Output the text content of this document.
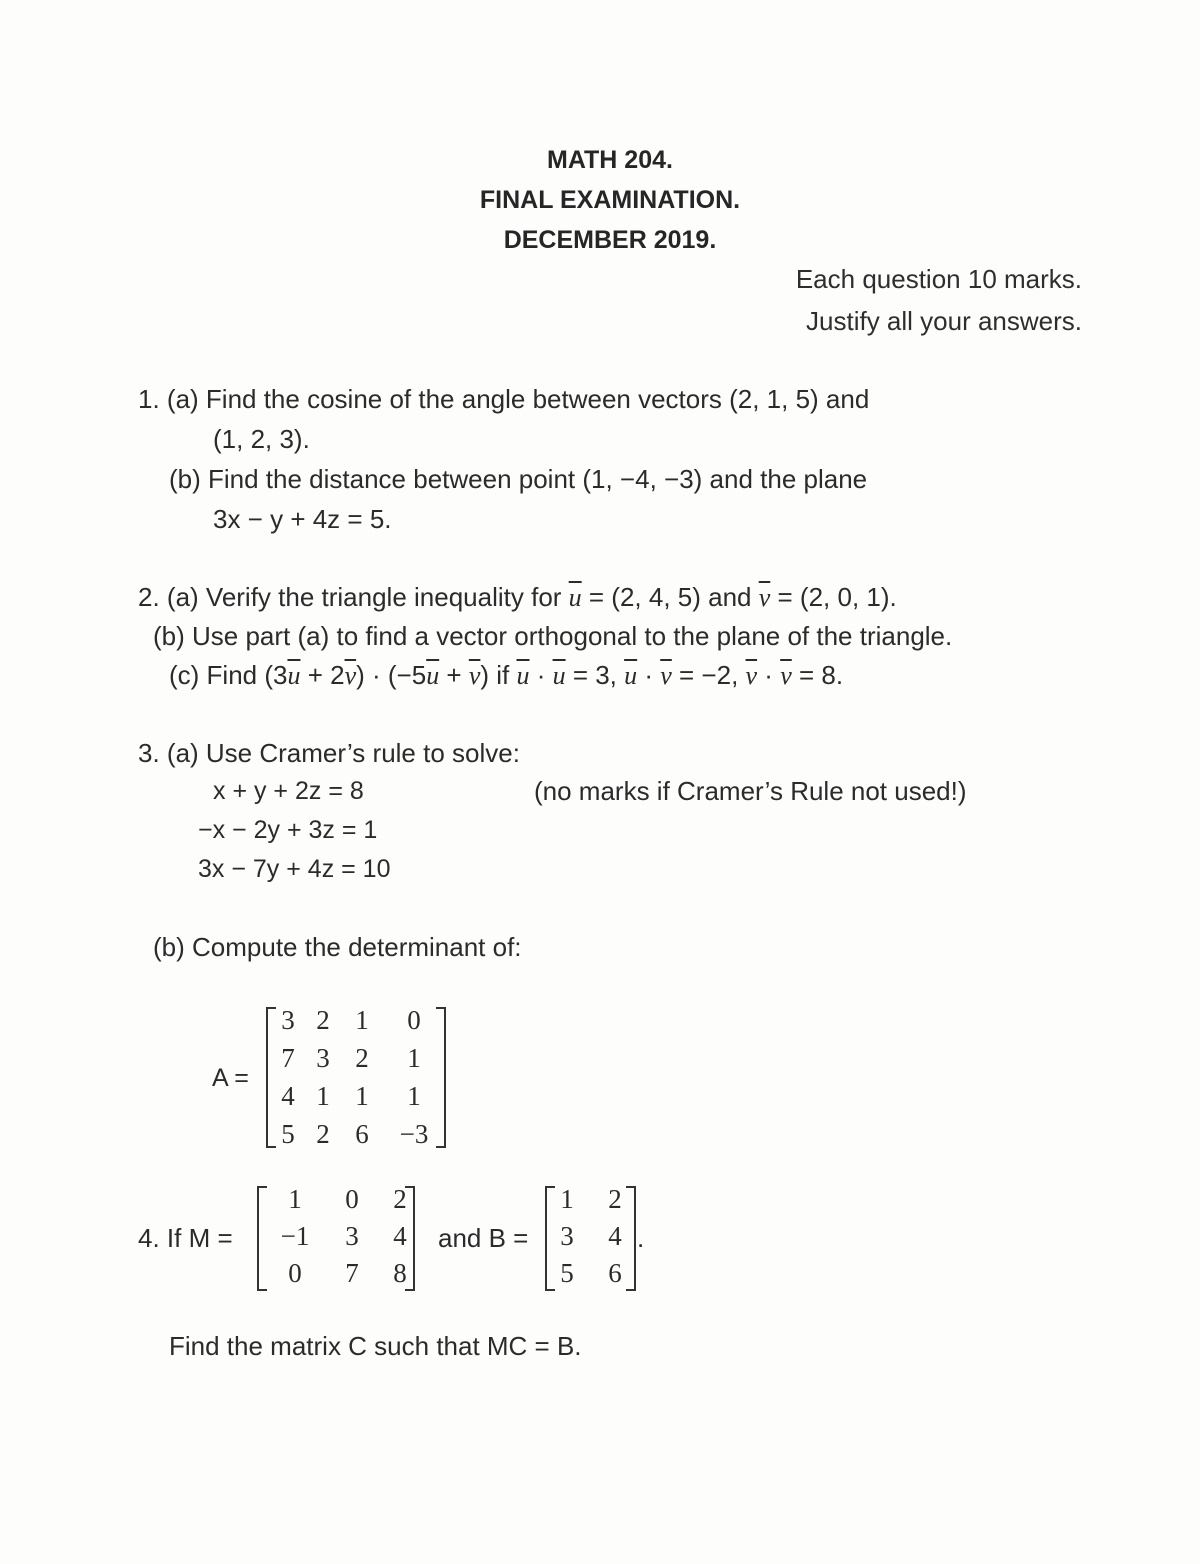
MATH 204.
FINAL EXAMINATION.
DECEMBER 2019.
Each question 10 marks.
Justify all your answers.
1. (a) Find the cosine of the angle between vectors (2, 1, 5) and
(1, 2, 3).
(b) Find the distance between point (1, −4, −3) and the plane
3x − y + 4z = 5.
2. (a) Verify the triangle inequality for $\overline{u} = (2$, 4, 5) and $\overline{v} = (2$, 0, 1).
(b) Use part (a) to find a vector orthogonal to the plane of the triangle.
(c) Find $(3\overline{u} + 2\overline{v}) \cdot (-5\overline{u} + \overline{v})$ if $\overline{u} \cdot \overline{u} = 3$, $\overline{u} \cdot \overline{v} = -2$, $\overline{v} \cdot \overline{v} = 8$.
3. (a) Use Cramer’s rule to solve:
x + y + 2z = 8
−x − 2y + 3z = 1
3x − 7y + 4z = 10
(no marks if Cramer’s Rule not used!)
(b) Compute the determinant of:
A =
3 2 1	0
7 3 2	1
4 1 1	1
5 2 6	−3
4. If M =
1	0	2
−1	3	4
0	7	8
and B =
1	2
3	4
5	6
.
Find the matrix C such that MC = B.
